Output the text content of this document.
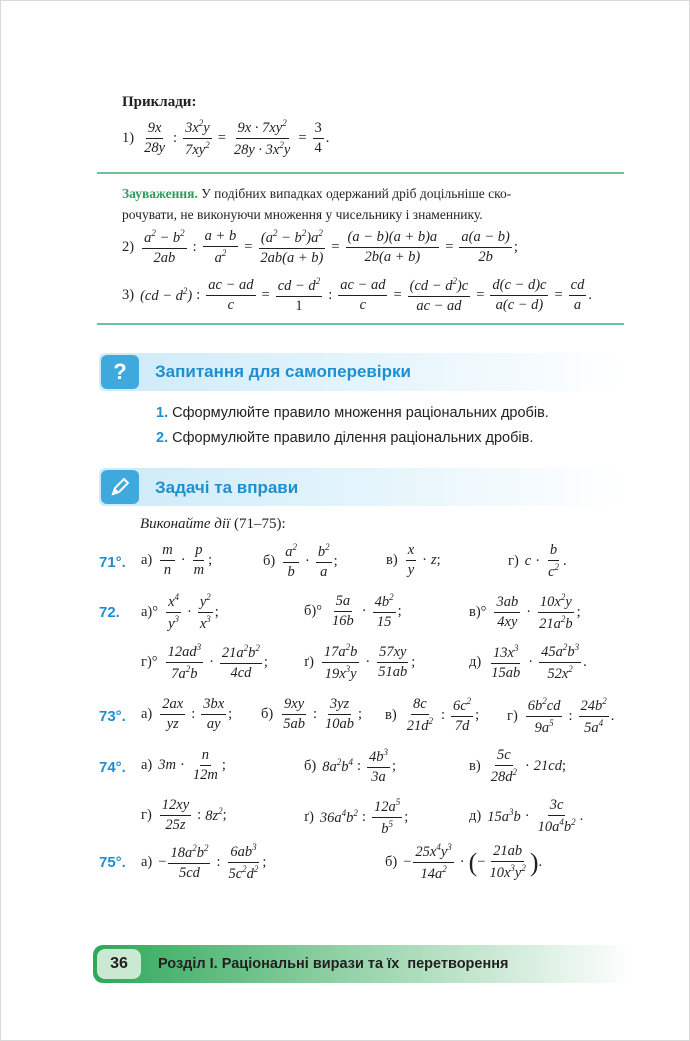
Приклади:
$1) \frac{9x}{28y}$ : $\frac{3x^2y}{7xy^2} = \frac{9x \cdot 7xy^2}{28y \cdot 3x^2y} = \frac{3}{4}$ .
Зауваження. У подібних випадках одержаний дріб доцільніше ско-
рочувати, не виконуючи множення у чисельнику і знаменнику.
$2) \frac{a^2 - b^2}{2ab}$ : $\frac{a + b}{a^2} = \frac{(a^2 - b^2)a^2}{2ab(a + b)} = \frac{(a - b)(a + b)a}{2b(a + b)} = \frac{a(a - b)}{2b}$ ;
3) $(cd - d^2)$ : $\frac{ac - ad}{c} = \frac{cd - d^2}{1}$ : $\frac{ac - ad}{c} = \frac{(cd - d^2)c}{ac - ad} = \frac{d(c - d)c}{a(c - d)} = \frac{cd}{a}$ .
?	Запитання для самоперевірки
1. Сформулюйте правило множення раціональних дробів.
2. Сформулюйте правило ділення раціональних дробів.
Задачі та вправи
Виконайте дії (71–75):
71°. $а) \frac{m}{n} \cdot \frac{p}{m}$ ;	$б) \frac{a^2}{b} \cdot \frac{b^2}{a}$ ;	$в) \frac{x}{y} \cdot z$ ;	г) $c \cdot \frac{b}{c^2}$ .
72. $а)^\circ \frac{x^4}{y^3} \cdot \frac{y^2}{x^3}$ ;	$б)^\circ \frac{5a}{16b} \cdot \frac{4b^2}{15}$ ;	$в)^\circ \frac{3ab}{4xy} \cdot \frac{10x^2y}{21a^2b}$ ;
$г)^\circ \frac{12ad^3}{7a^2b} \cdot \frac{21a^2b^2}{4cd}$ ; $ґ) \frac{17a^2b}{19x^3y} \cdot \frac{57xy}{51ab}$ ;	$д) \frac{13x^3}{15ab} \cdot \frac{45a^2b^3}{52x^2}$ .
73°. $а) \frac{2ax}{yz}$ : $\frac{3bx}{ay}$ ; $б) \frac{9xy}{5ab}$ : $\frac{3yz}{10ab}$ ; $в) \frac{8c}{21d^2}$ : $\frac{6c^2}{7d}$ ; $г) \frac{6b^2cd}{9a^5}$ : $\frac{24b^2}{5a^4}$ .
74°. а) $3m \cdot \frac{n}{12m}$ ;	б) $8a^2b^4$ : $\frac{4b^3}{3a}$ ;	$в) \frac{5c}{28d^2} \cdot 21cd$ ;
$г) \frac{12xy}{25z}$ : $8z^2$ ;	ґ) $36a^4b^2$ : $\frac{12a^5}{b^5}$ ;	д) $15a^3b \cdot \frac{3c}{10a^4b^2}$ .
75°. $а) - \frac{18a^2b^2}{5cd}$ : $\frac{6ab^3}{5c^2d^2}$ ;	$б) - \frac{25x^4y^3}{14a^2}$ · ( − $\frac{21ab}{10x^3y^2}$ ) .
36	Розділ І. Раціональні вирази та їх  перетворення
